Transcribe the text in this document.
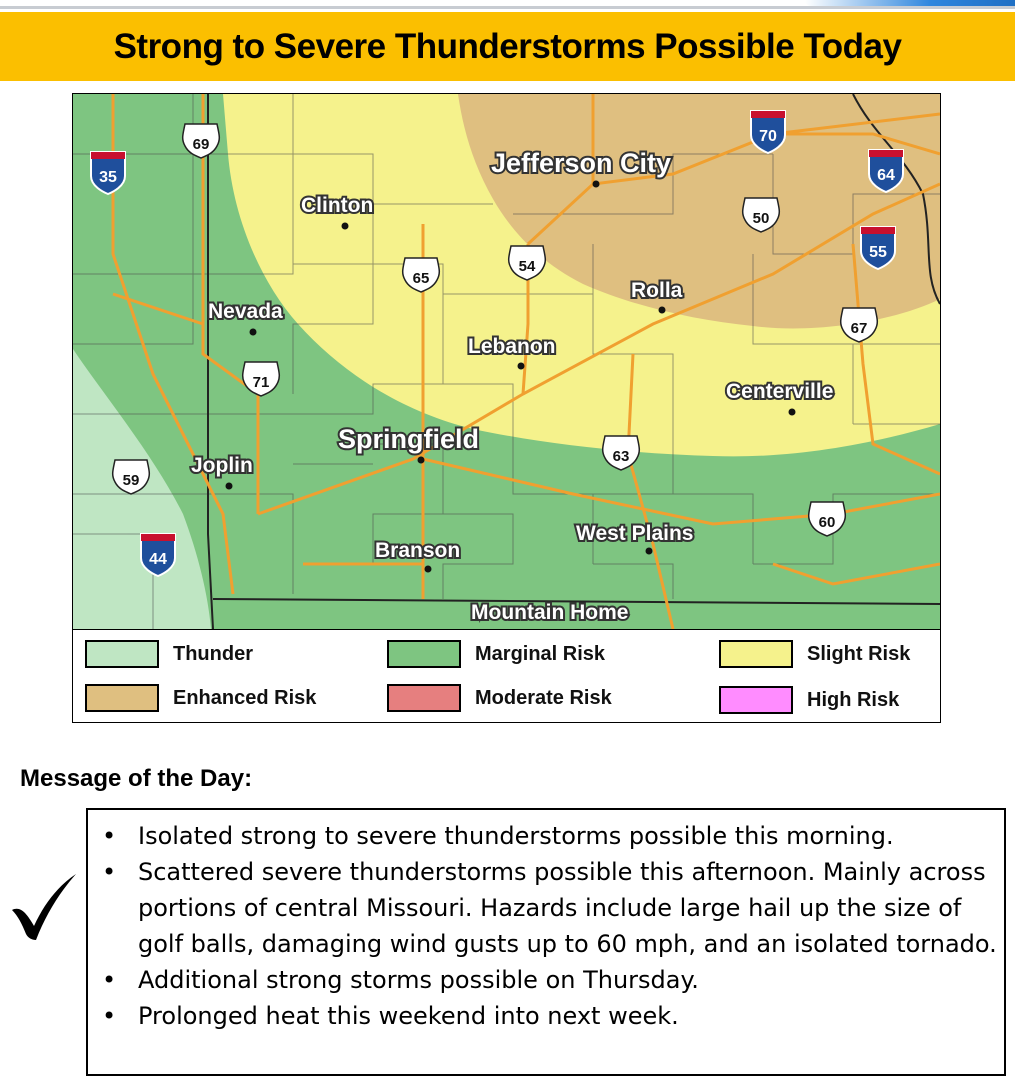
Strong to Severe Thunderstorms Possible Today
35
70
64
55
44
69
50
65
54
67
71
63
59
60
Jefferson City
Clinton
Nevada
Rolla
Lebanon
Centerville
Springfield
Joplin
West Plains
Branson
Mountain Home
Thunder	Marginal Risk	Slight Risk
Enhanced Risk	Moderate Risk	High Risk
Message of the Day:
• Isolated strong to severe thunderstorms possible this morning.
• Scattered severe thunderstorms possible this afternoon. Mainly across portions of central Missouri. Hazards include large hail up the size of golf balls, damaging wind gusts up to 60 mph, and an isolated tornado.
• Additional strong storms possible on Thursday.
• Prolonged heat this weekend into next week.
